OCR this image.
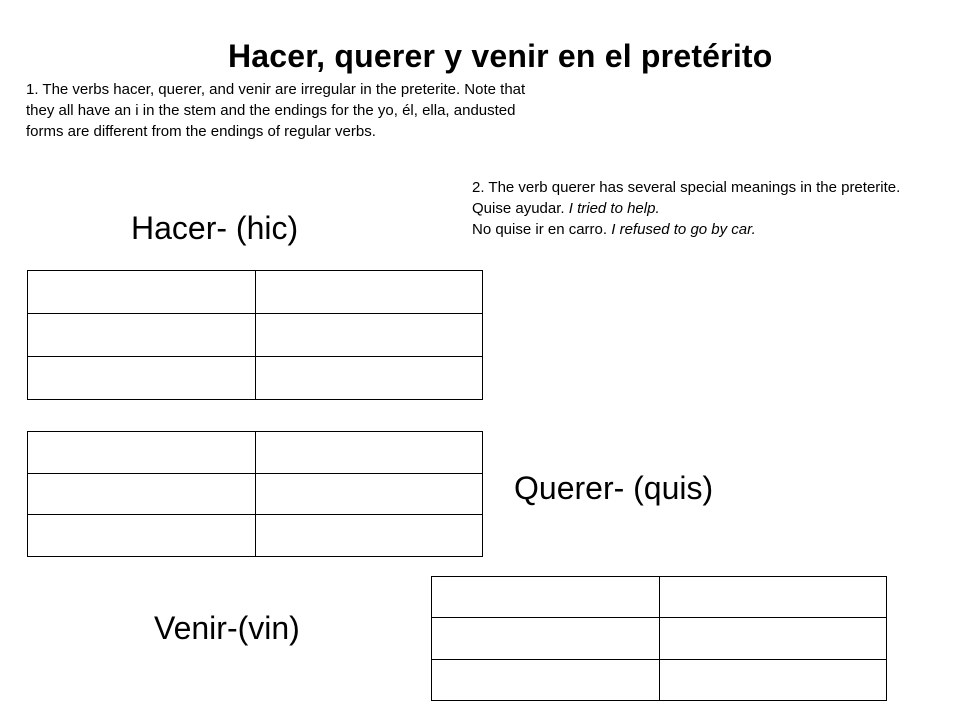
Hacer, querer y venir en el pretérito

1. The verbs hacer, querer, and venir are irregular in the preterite. Note that they all have an i in the stem and the endings for the yo, él, ella, andusted forms are different from the endings of regular verbs.

2. The verb querer has several special meanings in the preterite.

Quise ayudar. I tried to help.

No quise ir en carro. I refused to go by car.

Hacer- (hic)

Querer- (quis)
Venir-(vin)
